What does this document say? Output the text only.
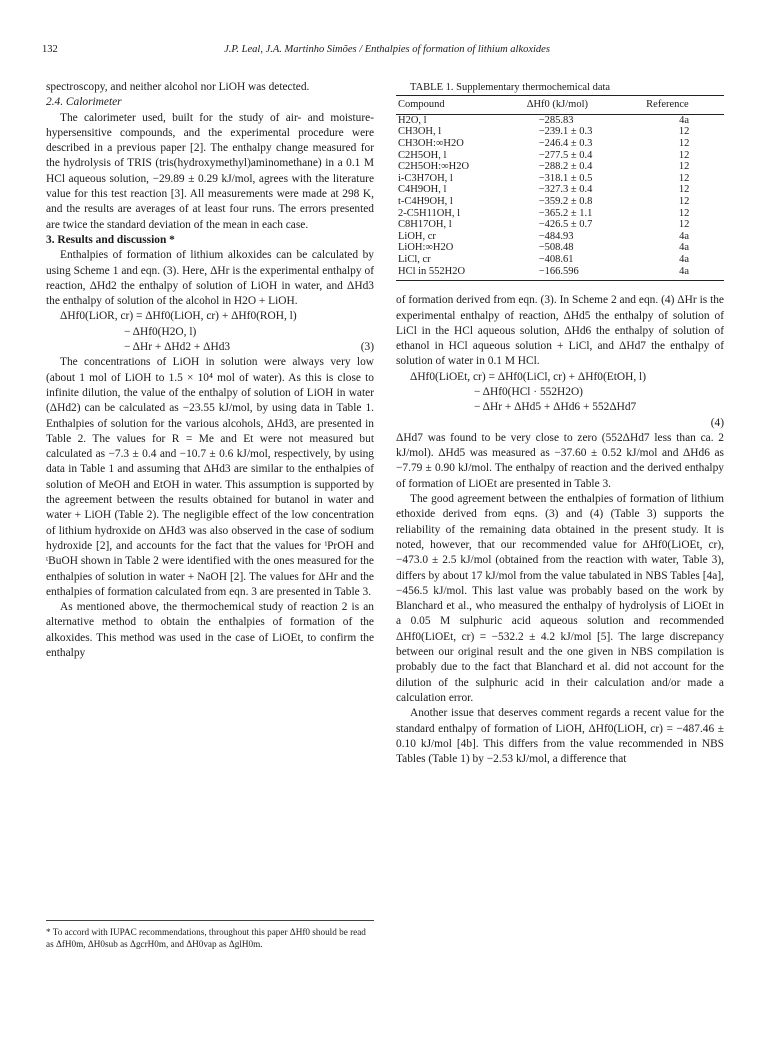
132	J.P. Leal, J.A. Martinho Simões / Enthalpies of formation of lithium alkoxides

spectroscopy, and neither alcohol nor LiOH was detected.

2.4. Calorimeter

The calorimeter used, built for the study of air- and moisture-hypersensitive compounds, and the experimental procedure were described in a previous paper [2]. The enthalpy change measured for the hydrolysis of TRIS (tris(hydroxymethyl)aminomethane) in a 0.1 M HCl aqueous solution, −29.89 ± 0.29 kJ/mol, agrees with the literature value for this test reaction [3]. All measurements were made at 298 K, and the results are averages of at least four runs. The errors presented are twice the standard deviation of the mean in each case.

3. Results and discussion *

Enthalpies of formation of lithium alkoxides can be calculated by using Scheme 1 and eqn. (3). Here, ΔHr is the experimental enthalpy of reaction, ΔHd2 the enthalpy of solution of LiOH in water, and ΔHd3 the enthalpy of solution of the alcohol in H2O + LiOH.

ΔHf0(LiOR, cr) = ΔHf0(LiOH, cr) + ΔHf0(ROH, l)

− ΔHf0(H2O, l)

− ΔHr + ΔHd2 + ΔHd3	(3)

The concentrations of LiOH in solution were always very low (about 1 mol of LiOH to 1.5 × 10⁴ mol of water). As this is close to infinite dilution, the value of the enthalpy of solution of LiOH in water (ΔHd2) can be calculated as −23.55 kJ/mol, by using data in Table 1. Enthalpies of solution for the various alcohols, ΔHd3, are presented in Table 2. The values for R = Me and Et were not measured but calculated as −7.3 ± 0.4 and −10.7 ± 0.6 kJ/mol, respectively, by using data in Table 1 and assuming that ΔHd3 are similar to the enthalpies of solution of MeOH and EtOH in water. This assumption is supported by the agreement between the results obtained for butanol in water and water + LiOH (Table 2). The negligible effect of the low concentration of lithium hydroxide on ΔHd3 was also observed in the case of sodium hydroxide [2], and accounts for the fact that the values for ⁱPrOH and ᵗBuOH shown in Table 2 were identified with the ones measured for the enthalpies of solution in water + NaOH [2]. The values for ΔHr and the enthalpies of formation calculated from eqn. 3 are presented in Table 3.

As mentioned above, the thermochemical study of reaction 2 is an alternative method to obtain the enthalpies of formation of the alkoxides. This method was used in the case of LiOEt, to confirm the enthalpy

TABLE 1. Supplementary thermochemical data

Compound	ΔHf0 (kJ/mol)	Reference
H2O, l	−285.83	4a
CH3OH, l	−239.1 ± 0.3	12
CH3OH:∞H2O	−246.4 ± 0.3	12
C2H5OH, l	−277.5 ± 0.4	12
C2H5OH:∞H2O	−288.2 ± 0.4	12
i-C3H7OH, l	−318.1 ± 0.5	12
C4H9OH, l	−327.3 ± 0.4	12
t-C4H9OH, l	−359.2 ± 0.8	12
2-C5H11OH, l	−365.2 ± 1.1	12
C8H17OH, l	−426.5 ± 0.7	12
LiOH, cr	−484.93	4a
LiOH:∞H2O	−508.48	4a
LiCl, cr	−408.61	4a
HCl in 552H2O	−166.596	4a

of formation derived from eqn. (3). In Scheme 2 and eqn. (4) ΔHr is the experimental enthalpy of reaction, ΔHd5 the enthalpy of solution of LiCl in the HCl aqueous solution, ΔHd6 the enthalpy of solution of ethanol in HCl aqueous solution + LiCl, and ΔHd7 the enthalpy of solution of water in 0.1 M HCl.

ΔHf0(LiOEt, cr) = ΔHf0(LiCl, cr) + ΔHf0(EtOH, l)

− ΔHf0(HCl · 552H2O)

− ΔHr + ΔHd5 + ΔHd6 + 552ΔHd7

(4)

ΔHd7 was found to be very close to zero (552ΔHd7 less than ca. 2 kJ/mol). ΔHd5 was measured as −37.60 ± 0.52 kJ/mol and ΔHd6 as −7.79 ± 0.90 kJ/mol. The enthalpy of reaction and the derived enthalpy of formation of LiOEt are presented in Table 3.

The good agreement between the enthalpies of formation of lithium ethoxide derived from eqns. (3) and (4) (Table 3) supports the reliability of the remaining data obtained in the present study. It is noted, however, that our recommended value for ΔHf0(LiOEt, cr), −473.0 ± 2.5 kJ/mol (obtained from the reaction with water, Table 3), differs by about 17 kJ/mol from the value tabulated in NBS Tables [4a], −456.5 kJ/mol. This last value was probably based on the work by Blanchard et al., who measured the enthalpy of hydrolysis of LiOEt in a 0.05 M sulphuric acid aqueous solution and recommended ΔHf0(LiOEt, cr) = −532.2 ± 4.2 kJ/mol [5]. The large discrepancy between our original result and the one given in NBS compilation is probably due to the fact that Blanchard et al. did not account for the dilution of the sulphuric acid in their calculation and/or made a calculation error.

Another issue that deserves comment regards a recent value for the standard enthalpy of formation of LiOH, ΔHf0(LiOH, cr) = −487.46 ± 0.10 kJ/mol [4b]. This differs from the value recommended in NBS Tables (Table 1) by −2.53 kJ/mol, a difference that

* To accord with IUPAC recommendations, throughout this paper ΔHf0 should be read as ΔfH0m, ΔH0sub as ΔgcrH0m, and ΔH0vap as ΔglH0m.
